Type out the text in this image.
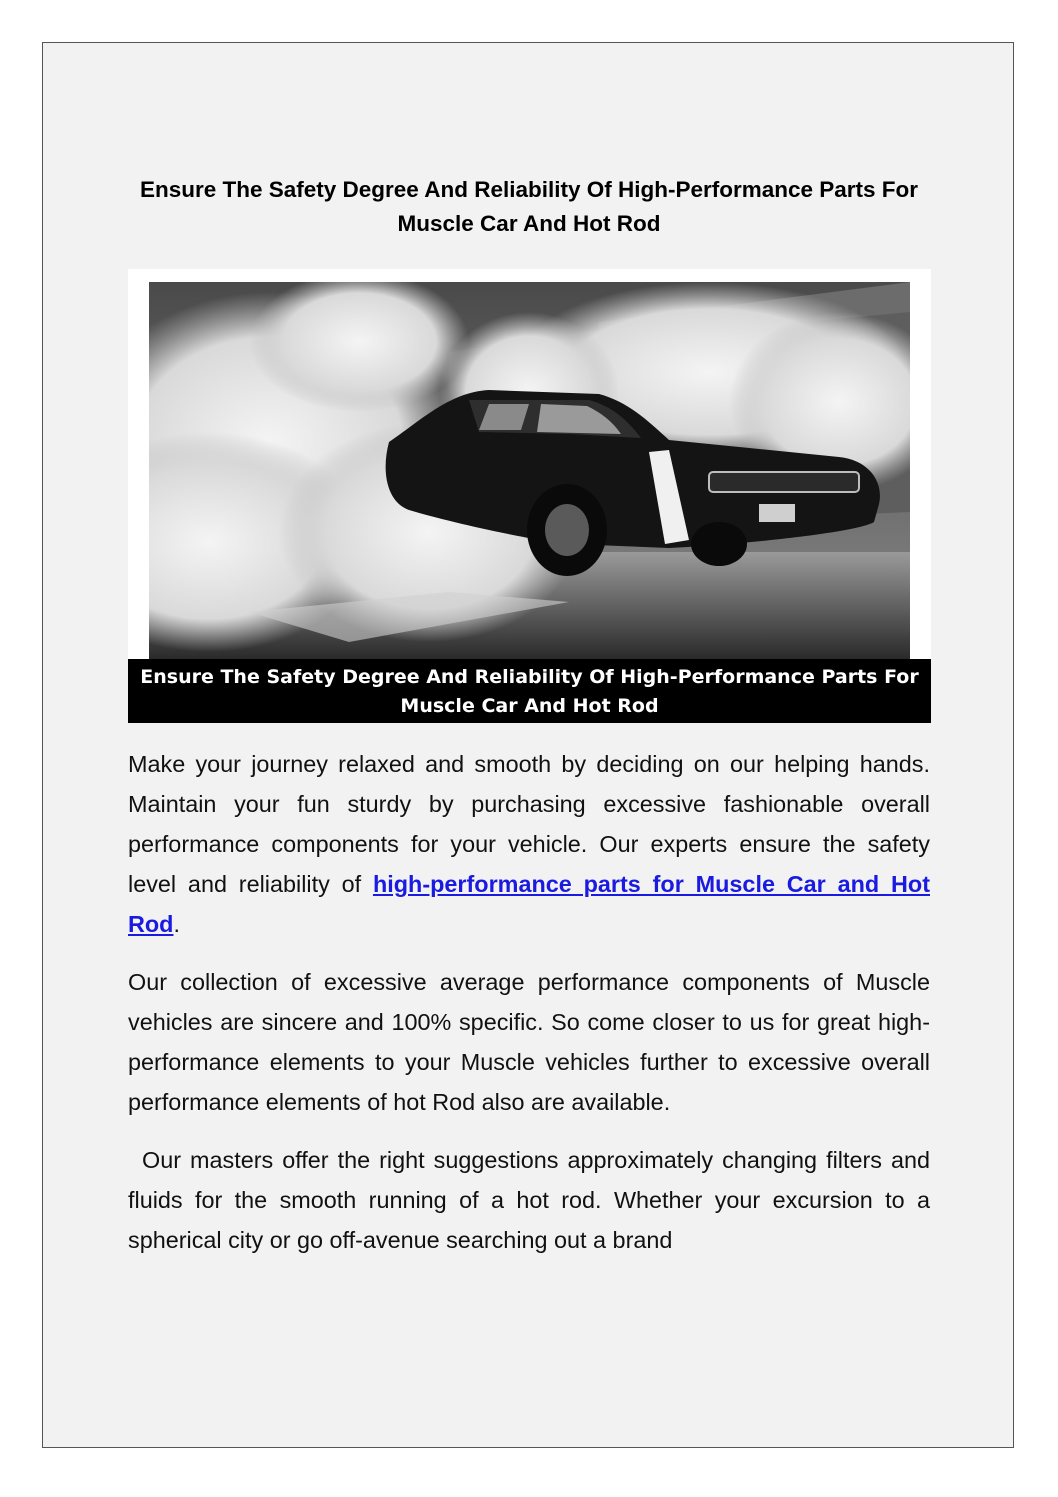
Ensure The Safety Degree And Reliability Of High-Performance Parts For Muscle Car And Hot Rod
Ensure The Safety Degree And Reliability Of High-Performance Parts For Muscle Car And Hot Rod

Make your journey relaxed and smooth by deciding on our helping hands. Maintain your fun sturdy by purchasing excessive fashionable overall performance components for your vehicle. Our experts ensure the safety level and reliability of high-performance parts for Muscle Car and Hot Rod.

Our collection of excessive average performance components of Muscle vehicles are sincere and 100% specific. So come closer to us for great high-performance elements to your Muscle vehicles further to excessive overall performance elements of hot Rod also are available.

Our masters offer the right suggestions approximately changing filters and fluids for the smooth running of a hot rod. Whether your excursion to a spherical city or go off-avenue searching out a brand
